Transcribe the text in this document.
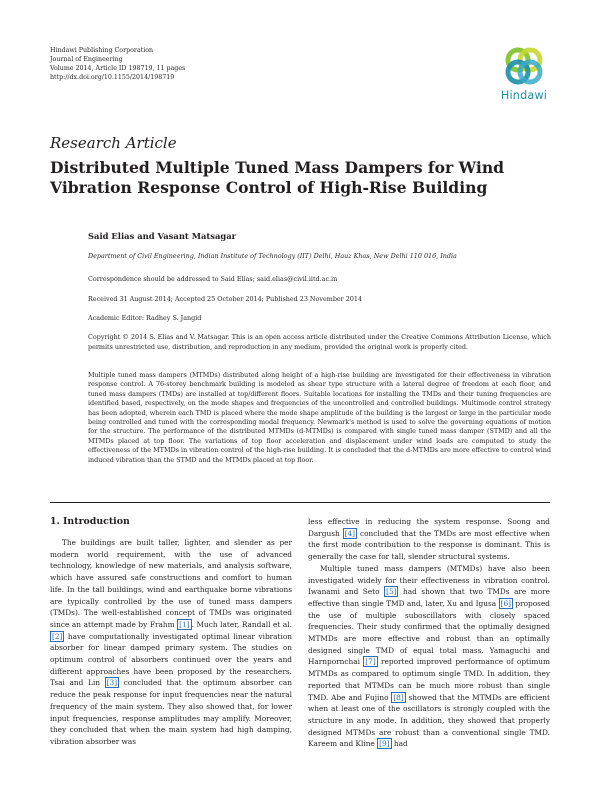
Hindawi Publishing Corporation
Journal of Engineering
Volume 2014, Article ID 198719, 11 pages
http://dx.doi.org/10.1155/2014/198719
Hindawi
Research Article
Distributed Multiple Tuned Mass Dampers for Wind Vibration Response Control of High-Rise Building
Said Elias and Vasant Matsagar
Department of Civil Engineering, Indian Institute of Technology (IIT) Delhi, Hauz Khas, New Delhi 110 016, India
Correspondence should be addressed to Said Elias; said.elias@civil.iitd.ac.in
Received 31 August 2014; Accepted 25 October 2014; Published 23 November 2014
Academic Editor: Radhey S. Jangid
Copyright © 2014 S. Elias and V. Matsagar. This is an open access article distributed under the Creative Commons Attribution License, which permits unrestricted use, distribution, and reproduction in any medium, provided the original work is properly cited.
Multiple tuned mass dampers (MTMDs) distributed along height of a high-rise building are investigated for their effectiveness in vibration response control. A 76-storey benchmark building is modeled as shear type structure with a lateral degree of freedom at each floor, and tuned mass dampers (TMDs) are installed at top/different floors. Suitable locations for installing the TMDs and their tuning frequencies are identified based, respectively, on the mode shapes and frequencies of the uncontrolled and controlled buildings. Multimode control strategy has been adopted, wherein each TMD is placed where the mode shape amplitude of the building is the largest or large in the particular mode being controlled and tuned with the corresponding modal frequency. Newmark's method is used to solve the governing equations of motion for the structure. The performance of the distributed MTMDs (d-MTMDs) is compared with single tuned mass damper (STMD) and all the MTMDs placed at top floor. The variations of top floor acceleration and displacement under wind loads are computed to study the effectiveness of the MTMDs in vibration control of the high-rise building. It is concluded that the d-MTMDs are more effective to control wind induced vibration than the STMD and the MTMDs placed at top floor.
1. Introduction

The buildings are built taller, lighter, and slender as per modern world requirement, with the use of advanced technology, knowledge of new materials, and analysis software, which have assured safe constructions and comfort to human life. In the tall buildings, wind and earthquake borne vibrations are typically controlled by the use of tuned mass dampers (TMDs). The well-established concept of TMDs was originated since an attempt made by Frahm [1] . Much later, Randall et al. [2] have computationally investigated optimal linear vibration absorber for linear damped primary system. The studies on optimum control of absorbers continued over the years and different approaches have been proposed by the researchers. Tsai and Lin [3] concluded that the optimum absorber can reduce the peak response for input frequencies near the natural frequency of the main system. They also showed that, for lower input frequencies, response amplitudes may amplify. Moreover, they concluded that when the main system had high damping, vibration absorber was

less effective in reducing the system response. Soong and Dargush [4] concluded that the TMDs are most effective when the first mode contribution to the response is dominant. This is generally the case for tall, slender structural systems.

Multiple tuned mass dampers (MTMDs) have also been investigated widely for their effectiveness in vibration control. Iwanami and Seto [5] had shown that two TMDs are more effective than single TMD and, later, Xu and Igusa [6] proposed the use of multiple suboscillators with closely spaced frequencies. Their study confirmed that the optimally designed MTMDs are more effective and robust than an optimally designed single TMD of equal total mass. Yamaguchi and Harnpornchai [7] reported improved performance of optimum MTMDs as compared to optimum single TMD. In addition, they reported that MTMDs can be much more robust than single TMD. Abe and Fujino [8] showed that the MTMDs are efficient when at least one of the oscillators is strongly coupled with the structure in any mode. In addition, they showed that properly designed MTMDs are robust than a conventional single TMD. Kareem and Kline [9] had
